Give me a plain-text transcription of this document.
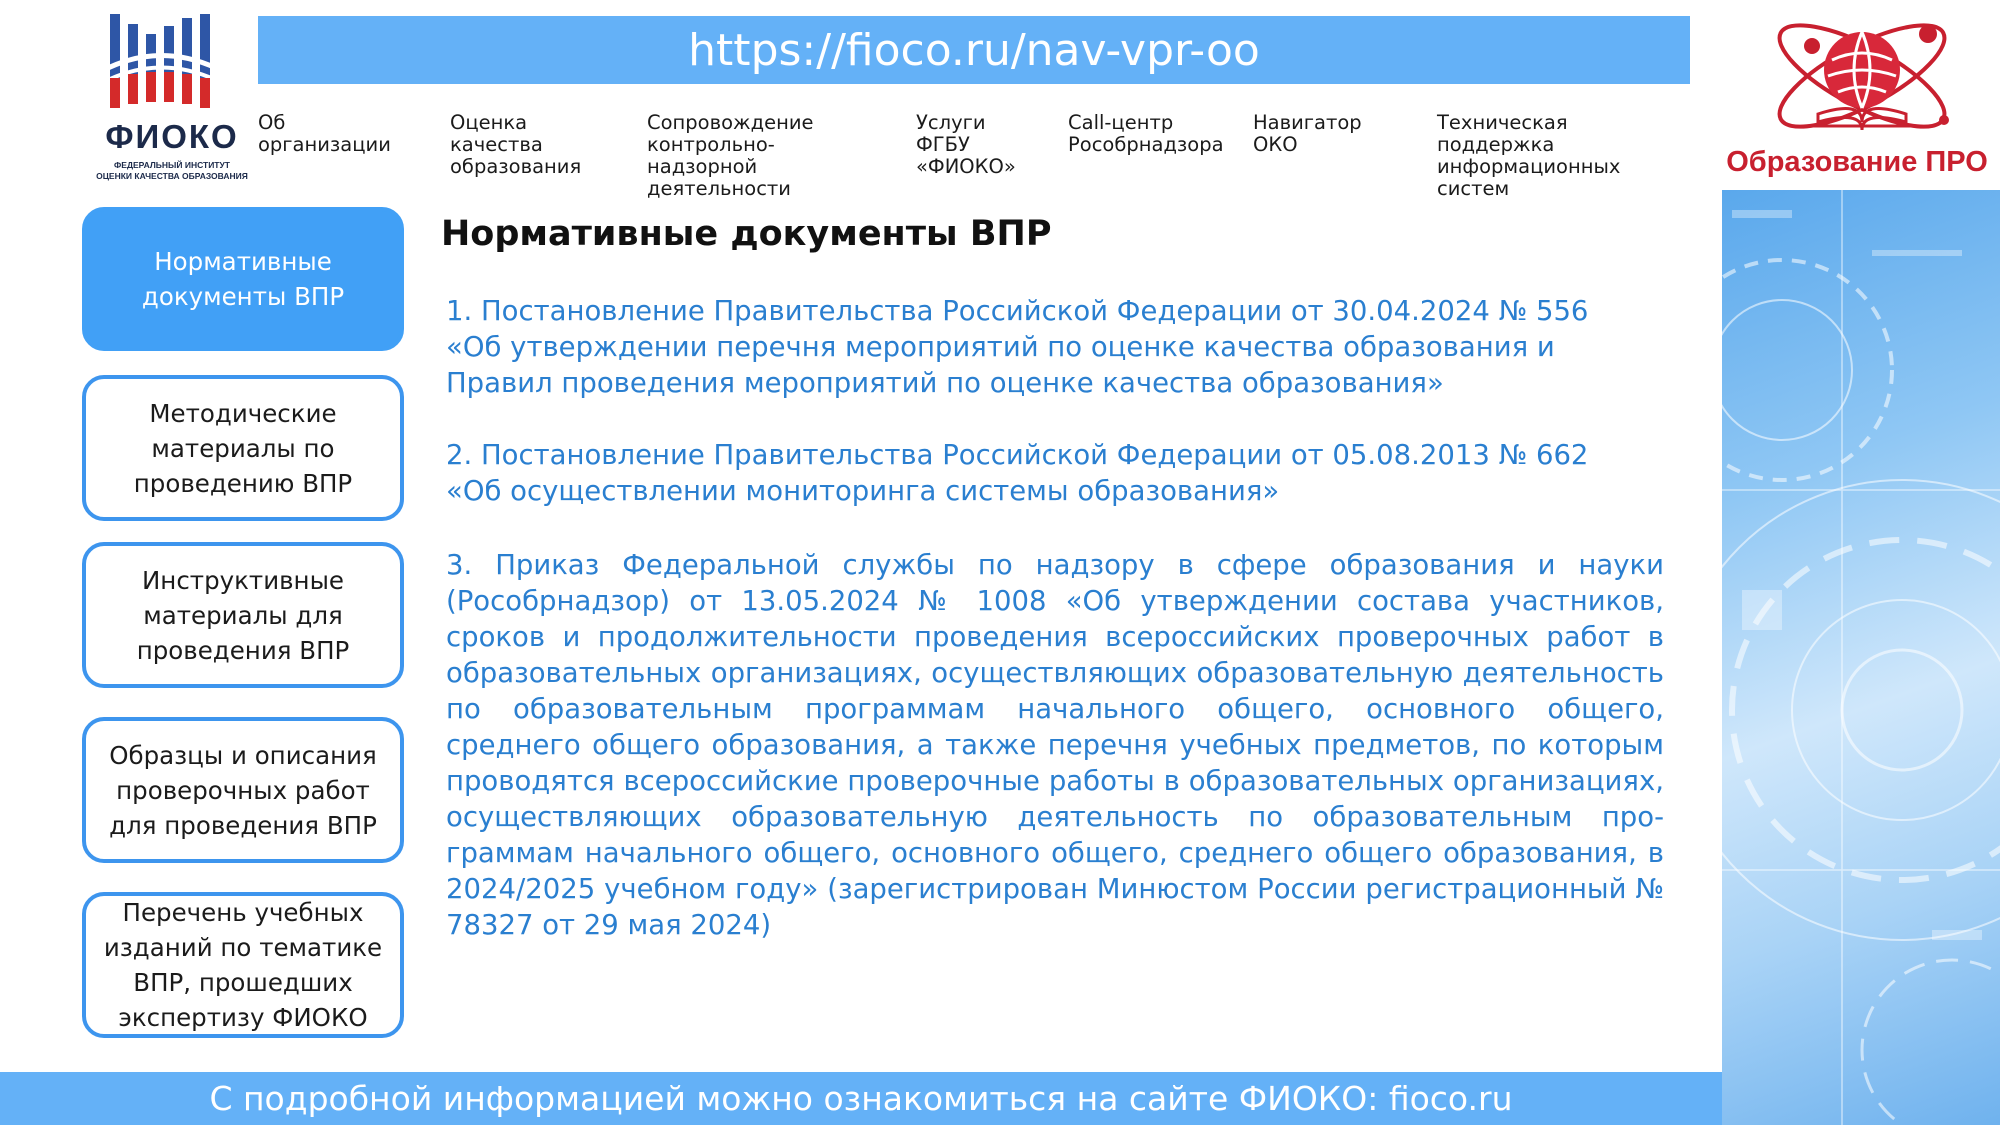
ФИОКО
ФЕДЕРАЛЬНЫЙ ИНСТИТУТ
ОЦЕНКИ КАЧЕСТВА ОБРАЗОВАНИЯ
https://fioco.ru/nav-vpr-oo
Об организации
Оценка качества
образования
Сопровождение
контрольно-надзорной
деятельности
Услуги ФГБУ
«ФИОКО»
Call-центр
Рособрнадзора
Навигатор ОКО
Техническая поддержка
информационных систем
Образование ПРО
Нормативные документы ВПР
Методические материалы по проведению ВПР
Инструктивные материалы для проведения ВПР
Образцы и описания проверочных работ для проведения ВПР
Перечень учебных изданий по тематике ВПР, прошедших экспертизу ФИОКО
Нормативные документы ВПР
1. Постановление Правительства Российской Федерации от 30.04.2024 № 556
«Об утверждении перечня мероприятий по оценке качества образования и Правил проведения мероприятий по оценке качества образования»
2. Постановление Правительства Российской Федерации от 05.08.2013 № 662
«Об осуществлении мониторинга системы образования»
3. Приказ Федеральной службы по надзору в сфере образования и науки (Рособрнадзор) от 13.05.2024 № 1008 «Об утверждении состава участников, сроков и продолжительности проведения всероссийских проверочных работ в образовательных организациях, осуществляющих образовательную деятельность по образовательным программам начального общего, основного общего, среднего общего образования, а также перечня учебных предметов, по которым проводятся всероссийские проверочные работы в образовательных организациях, осуществляющих образовательную деятельность по образовательным про-граммам начального общего, основного общего, среднего общего образования, в 2024/2025 учебном году» (зарегистрирован Минюстом России регистрационный № 78327 от 29 мая 2024)
С подробной информацией можно ознакомиться на сайте ФИОКО: fioco.ru
